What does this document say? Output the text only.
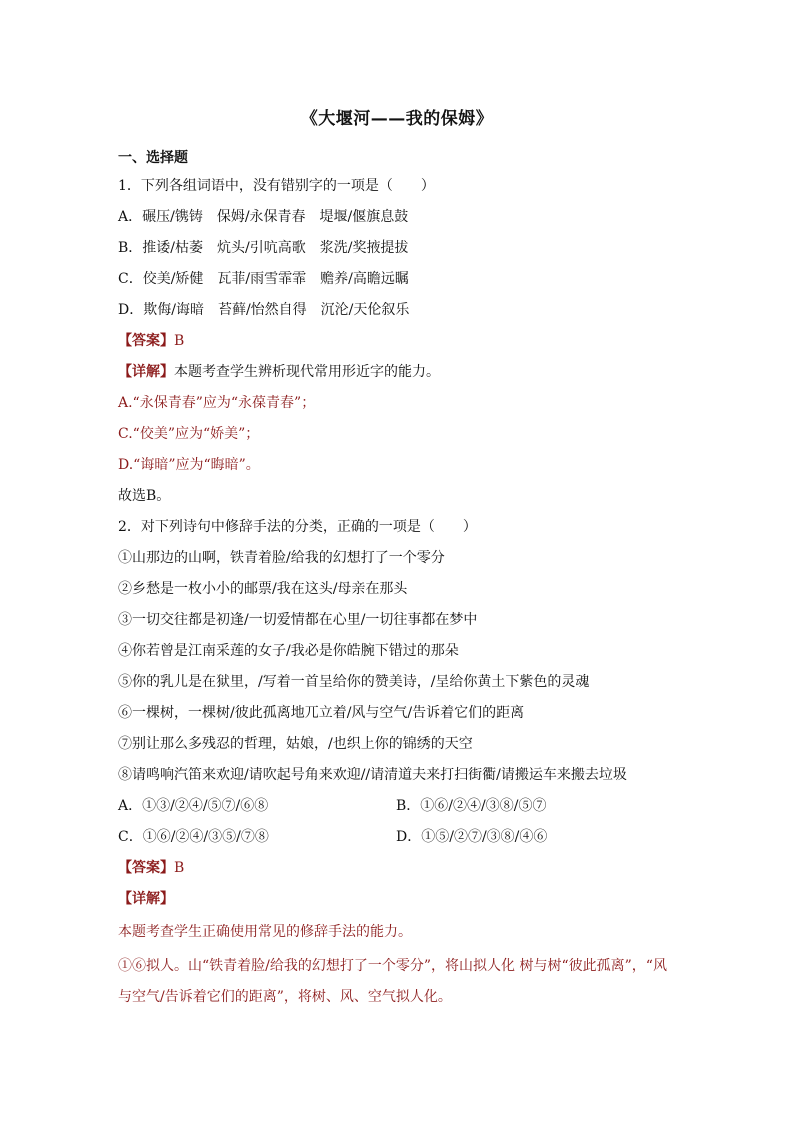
《大堰河——我的保姆》
一、选择题
1．下列各组词语中，没有错别字的一项是（　　）
A．碾压/镌铸　保姆/永保青春　堤堰/偃旗息鼓
B．推诿/枯萎　炕头/引吭高歌　浆洗/奖掖提拔
C．佼美/矫健　瓦菲/雨雪霏霏　赡养/高瞻远瞩
D．欺侮/诲暗　苔藓/怡然自得　沉沦/天伦叙乐
【答案】B
【详解】本题考查学生辨析现代常用形近字的能力。
A.“永保青春”应为“永葆青春”；
C.“佼美”应为“娇美”；
D.“诲暗”应为“晦暗”。
故选B。
2．对下列诗句中修辞手法的分类，正确的一项是（　　）
①山那边的山啊，铁青着脸/给我的幻想打了一个零分
②乡愁是一枚小小的邮票/我在这头/母亲在那头
③一切交往都是初逢/一切爱情都在心里/一切往事都在梦中
④你若曾是江南采莲的女子/我必是你皓腕下错过的那朵
⑤你的乳儿是在狱里，/写着一首呈给你的赞美诗，/呈给你黄土下紫色的灵魂
⑥一棵树，一棵树/彼此孤离地兀立着/风与空气/告诉着它们的距离
⑦别让那么多残忍的哲理，姑娘，/也织上你的锦绣的天空
⑧请鸣响汽笛来欢迎/请吹起号角来欢迎//请清道夫来打扫街衢/请搬运车来搬去垃圾
A．①③/②④/⑤⑦/⑥⑧	B．①⑥/②④/③⑧/⑤⑦
C．①⑥/②④/③⑤/⑦⑧	D．①⑤/②⑦/③⑧/④⑥
【答案】B
【详解】
本题考查学生正确使用常见的修辞手法的能力。
①⑥拟人。山“铁青着脸/给我的幻想打了一个零分”，将山拟人化 树与树“彼此孤离”，“风
与空气/告诉着它们的距离”，将树、风、空气拟人化。
